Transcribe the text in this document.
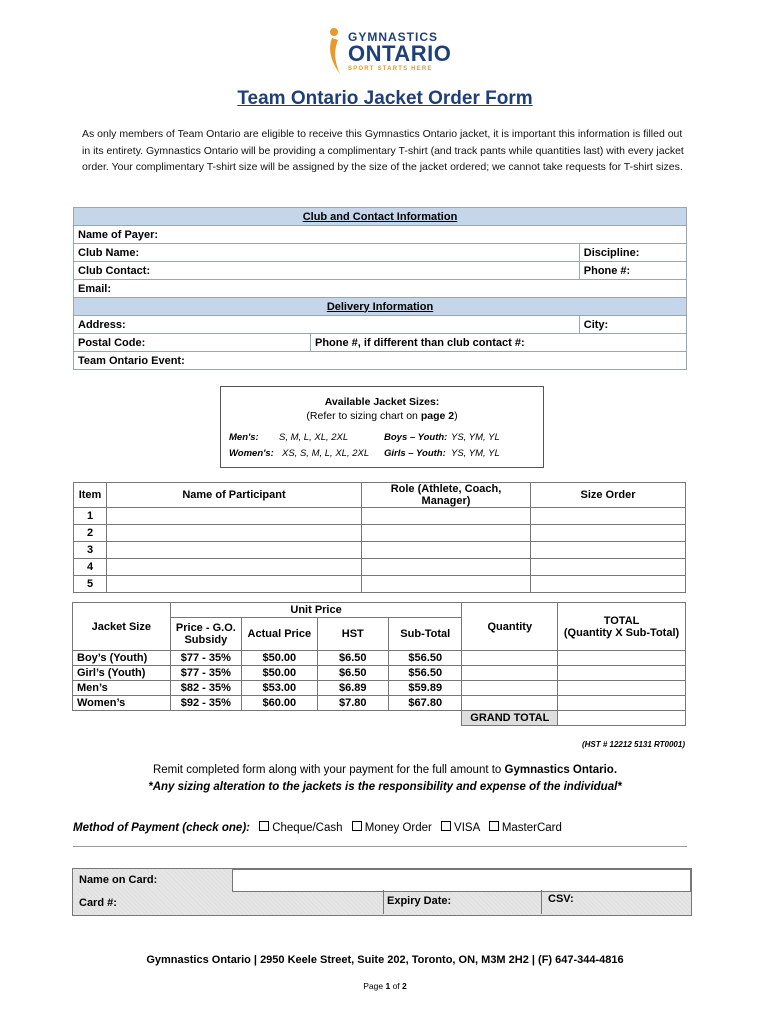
GYMNASTICS
ONTARIO
SPORT STARTS HERE
Team Ontario Jacket Order Form
As only members of Team Ontario are eligible to receive this Gymnastics Ontario jacket, it is important this information is filled out in its entirety. Gymnastics Ontario will be providing a complimentary T-shirt (and track pants while quantities last) with every jacket order. Your complimentary T-shirt size will be assigned by the size of the jacket ordered; we cannot take requests for T-shirt sizes.
Club and Contact Information		
Name of Payer:		
Club Name:		Discipline:
Club Contact:		Phone #:
Email:		
Delivery Information		
Address:		City:
Postal Code:	Phone #, if different than club contact #:	
Team Ontario Event:		
Available Jacket Sizes:
(Refer to sizing chart on page 2)
Men's: S, M, L, XL, 2XL
Women's: XS, S, M, L, XL, 2XL
Boys – Youth: YS, YM, YL
Girls – Youth: YS, YM, YL
Item	Name of Participant	Role (Athlete, Coach, Manager)	Size Order
1			
2			
3			
4			
5			
Jacket Size	Unit Price				Quantity	TOTAL
(Quantity X Sub-Total)

	Price - G.O. Subsidy	Actual Price	HST	Sub-Total		
Boy’s (Youth)	$77 - 35%	$50.00	$6.50	$56.50		
Girl’s (Youth)	$77 - 35%	$50.00	$6.50	$56.50		
Men’s	$82 - 35%	$53.00	$6.89	$59.89		
Women’s	$92 - 35%	$60.00	$7.80	$67.80		
					GRAND TOTAL	
(HST # 12212 5131 RT0001)
Remit completed form along with your payment for the full amount to Gymnastics Ontario.
*Any sizing alteration to the jackets is the responsibility and expense of the individual*
Method of Payment (check one): Cheque/Cash Money Order VISA MasterCard
Name on Card:
Card #:	Expiry Date:	CSV:
Gymnastics Ontario | 2950 Keele Street, Suite 202, Toronto, ON, M3M 2H2 | (F) 647-344-4816
Page 1 of 2
